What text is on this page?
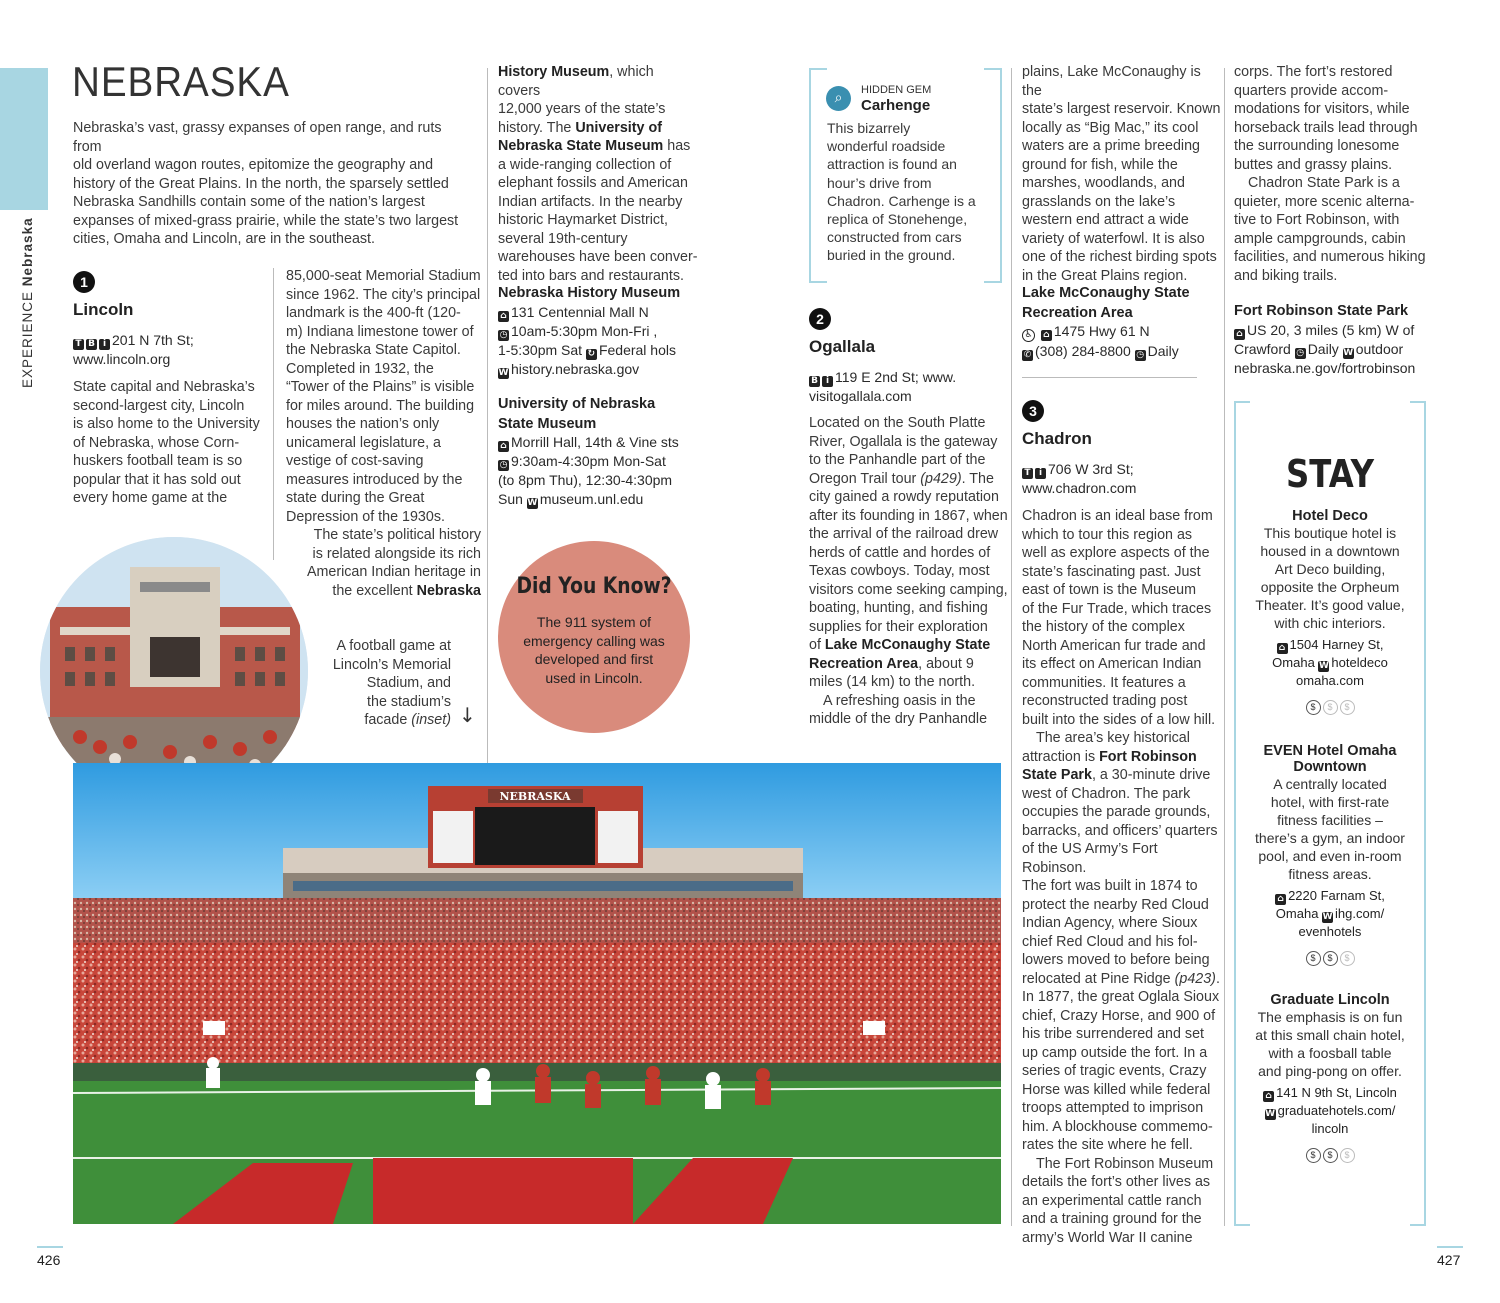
EXPERIENCE Nebraska
NEBRASKA
Nebraska’s vast, grassy expanses of open range, and ruts from
old overland wagon routes, epitomize the geography and
history of the Great Plains. In the north, the sparsely settled
Nebraska Sandhills contain some of the nation’s largest
expanses of mixed-grass prairie, while the state’s two largest
cities, Omaha and Lincoln, are in the southeast.
1
Lincoln
T B i 201 N 7th St;
www.lincoln.org
State capital and Nebraska’s
second-largest city, Lincoln
is also home to the University
of Nebraska, whose Corn-
huskers football team is so
popular that it has sold out
every home game at the
85,000-seat Memorial Stadium
since 1962. The city’s principal
landmark is the 400-ft (120-
m) Indiana limestone tower of
the Nebraska State Capitol.
Completed in 1932, the
“Tower of the Plains” is visible
for miles around. The building
houses the nation’s only
unicameral legislature, a
vestige of cost-saving
measures introduced by the
state during the Great
Depression of the 1930s.
The state’s political history
is related alongside its rich
American Indian heritage in
the excellent Nebraska
A football game at
Lincoln’s Memorial
Stadium, and
the stadium’s
facade (inset) ↓
History Museum, which covers
12,000 years of the state’s
history. The University of
Nebraska State Museum has
a wide-ranging collection of
elephant fossils and American
Indian artifacts. In the nearby
historic Haymarket District,
several 19th-century
warehouses have been conver-
ted into bars and restaurants.
Nebraska History Museum
⌂ 131 Centennial Mall N
◷ 10am-5:30pm Mon-Fri ,
1-5:30pm Sat ↻ Federal hols
W history.nebraska.gov
University of Nebraska
State Museum
⌂ Morrill Hall, 14th & Vine sts
◷ 9:30am-4:30pm Mon-Sat
(to 8pm Thu), 12:30-4:30pm
Sun W museum.unl.edu
Did You Know?
The 911 system of
emergency calling was
developed and first
used in Lincoln.
NEBRASKA
426
⌕	HIDDEN GEM
Carhenge
This bizarrely
wonderful roadside
attraction is found an
hour’s drive from
Chadron. Carhenge is a
replica of Stonehenge,
constructed from cars
buried in the ground.
2
Ogallala
B i 119 E 2nd St; www.
visitogallala.com
Located on the South Platte
River, Ogallala is the gateway
to the Panhandle part of the
Oregon Trail tour (p429). The
city gained a rowdy reputation
after its founding in 1867, when
the arrival of the railroad drew
herds of cattle and hordes of
Texas cowboys. Today, most
visitors come seeking camping,
boating, hunting, and fishing
supplies for their exploration
of Lake McConaughy State
Recreation Area, about 9
miles (14 km) to the north.
A refreshing oasis in the
middle of the dry Panhandle
plains, Lake McConaughy is the
state’s largest reservoir. Known
locally as “Big Mac,” its cool
waters are a prime breeding
ground for fish, while the
marshes, woodlands, and
grasslands on the lake’s
western end attract a wide
variety of waterfowl. It is also
one of the richest birding spots
in the Great Plains region.
Lake McConaughy State
Recreation Area
♿ ⌂ 1475 Hwy 61 N
✆ (308) 284-8800 ◷ Daily
3
Chadron
T i 706 W 3rd St;
www.chadron.com
Chadron is an ideal base from
which to tour this region as
well as explore aspects of the
state’s fascinating past. Just
east of town is the Museum
of the Fur Trade, which traces
the history of the complex
North American fur trade and
its effect on American Indian
communities. It features a
reconstructed trading post
built into the sides of a low hill.
The area’s key historical
attraction is Fort Robinson
State Park, a 30-minute drive
west of Chadron. The park
occupies the parade grounds,
barracks, and officers’ quarters
of the US Army’s Fort Robinson.
The fort was built in 1874 to
protect the nearby Red Cloud
Indian Agency, where Sioux
chief Red Cloud and his fol-
lowers moved to before being
relocated at Pine Ridge (p423).
In 1877, the great Oglala Sioux
chief, Crazy Horse, and 900 of
his tribe surrendered and set
up camp outside the fort. In a
series of tragic events, Crazy
Horse was killed while federal
troops attempted to imprison
him. A blockhouse commemo-
rates the site where he fell.
The Fort Robinson Museum
details the fort’s other lives as
an experimental cattle ranch
and a training ground for the
army’s World War II canine
corps. The fort’s restored
quarters provide accom-
modations for visitors, while
horseback trails lead through
the surrounding lonesome
buttes and grassy plains.
Chadron State Park is a
quieter, more scenic alterna-
tive to Fort Robinson, with
ample campgrounds, cabin
facilities, and numerous hiking
and biking trails.
Fort Robinson State Park
⌂ US 20, 3 miles (5 km) W of
Crawford ◷ Daily W outdoor
nebraska.ne.gov/fortrobinson
STAY
Hotel Deco
This boutique hotel is
housed in a downtown
Art Deco building,
opposite the Orpheum
Theater. It’s good value,
with chic interiors.
⌂ 1504 Harney St,
Omaha W hoteldeco
omaha.com
$ $ $
EVEN Hotel Omaha
Downtown
A centrally located
hotel, with first-rate
fitness facilities –
there’s a gym, an indoor
pool, and even in-room
fitness areas.
⌂ 2220 Farnam St,
Omaha W ihg.com/
evenhotels
$ $ $
Graduate Lincoln
The emphasis is on fun
at this small chain hotel,
with a foosball table
and ping-pong on offer.
⌂ 141 N 9th St, Lincoln
W graduatehotels.com/
lincoln
$ $ $
427
